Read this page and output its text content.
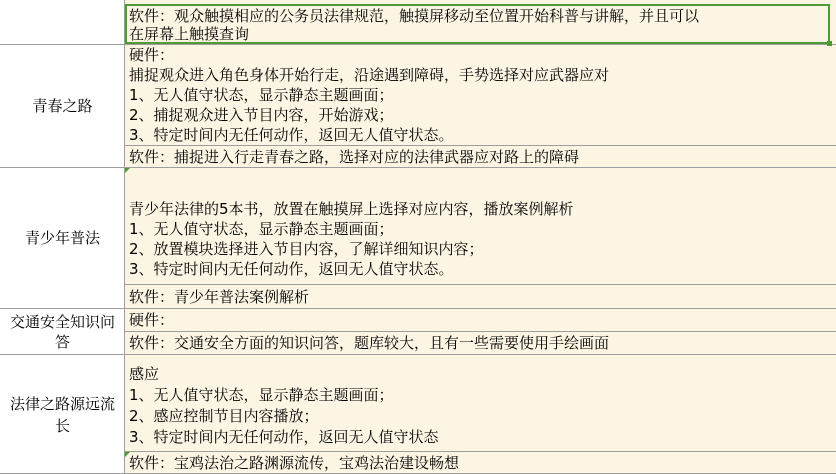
软件：观众触摸相应的公务员法律规范，触摸屏移动至位置开始科普与讲解，并且可以
在屏幕上触摸查询
青春之路
硬件：
捕捉观众进入角色身体开始行走，沿途遇到障碍，手势选择对应武器应对
1、无人值守状态，显示静态主题画面；
2、捕捉观众进入节目内容，开始游戏；
3、特定时间内无任何动作，返回无人值守状态。
软件：捕捉进入行走青春之路，选择对应的法律武器应对路上的障碍
青少年普法
青少年法律的5本书，放置在触摸屏上选择对应内容，播放案例解析
1、无人值守状态，显示静态主题画面；
2、放置模块选择进入节目内容，了解详细知识内容；
3、特定时间内无任何动作，返回无人值守状态。
软件：青少年普法案例解析
交通安全知识问答
硬件：
软件：交通安全方面的知识问答，题库较大，且有一些需要使用手绘画面
法律之路源远流长
感应
1、无人值守状态，显示静态主题画面；
2、感应控制节目内容播放；
3、特定时间内无任何动作，返回无人值守状态
软件：宝鸡法治之路渊源流传，宝鸡法治建设畅想
